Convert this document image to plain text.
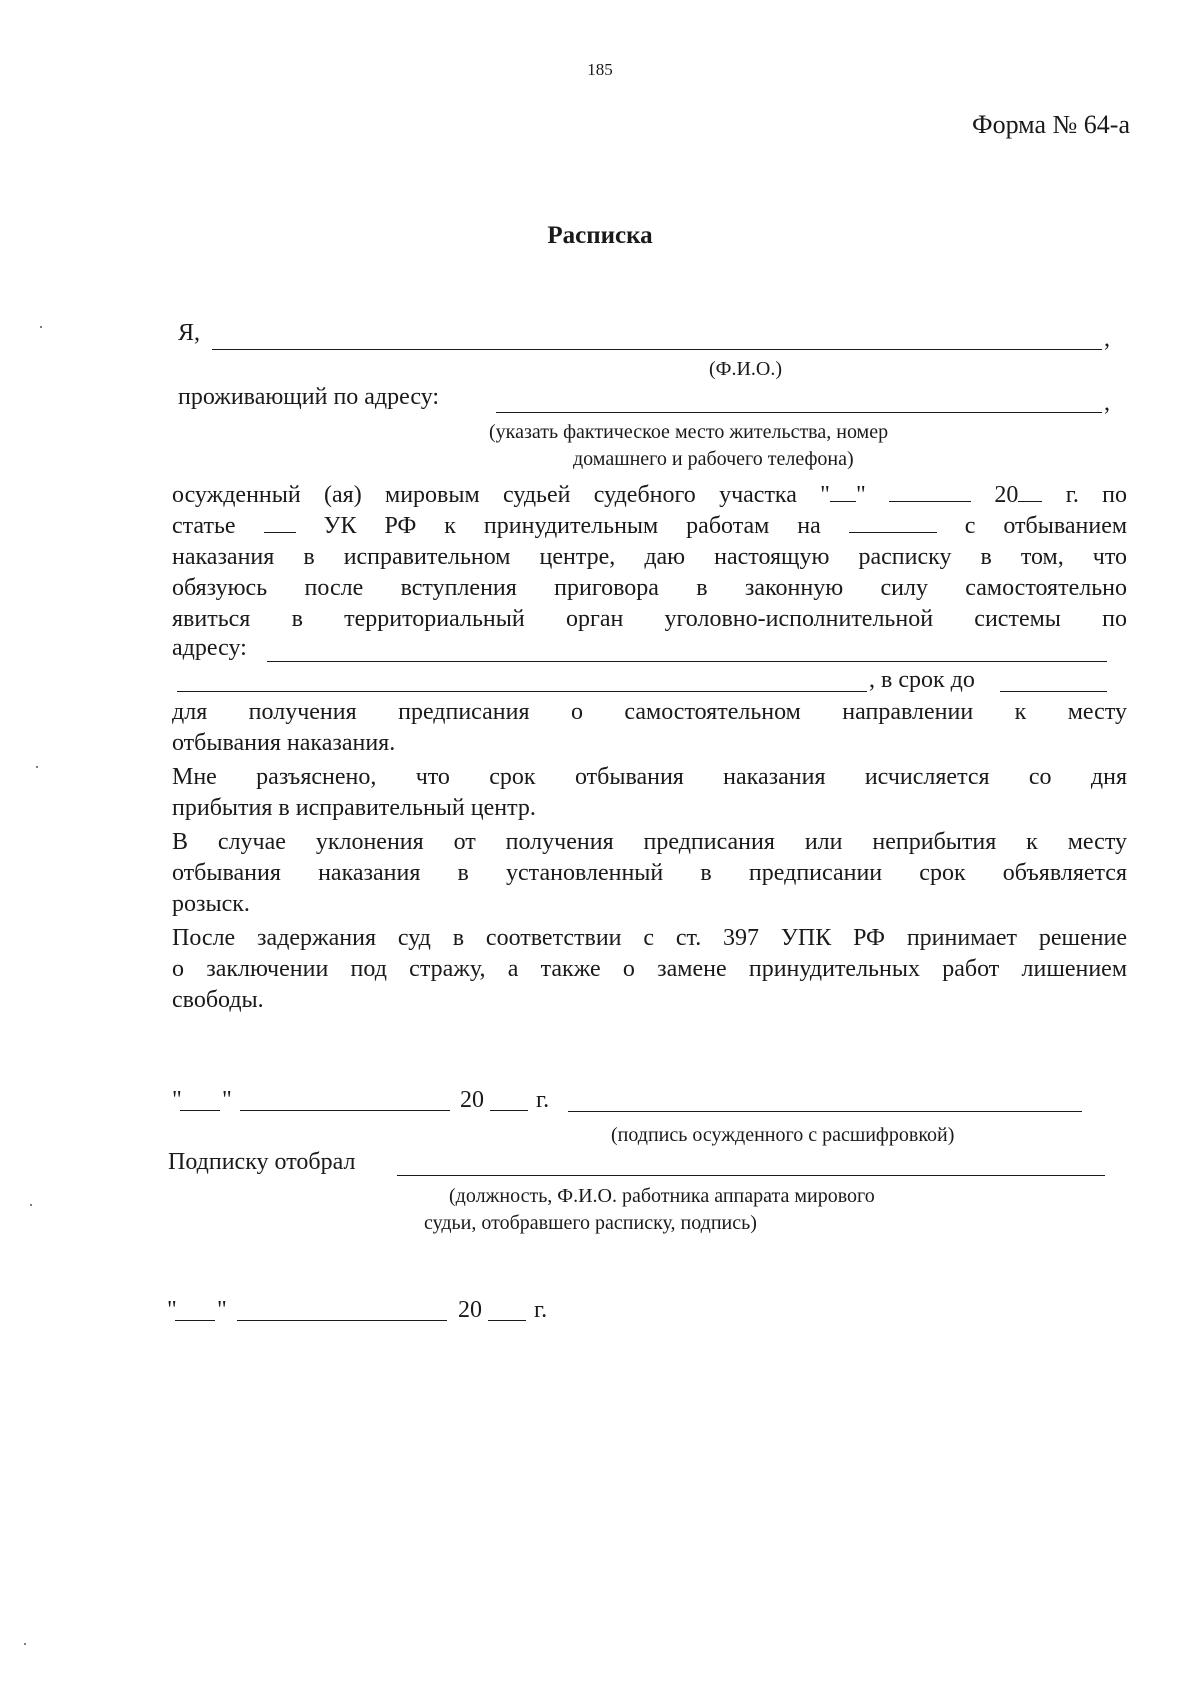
185
Форма № 64-а
Расписка
Я,	,
(Ф.И.О.)
проживающий по адресу:	,
(указать фактическое место жительства, номер
домашнего и рабочего телефона)
осужденный (ая) мировым судьей судебного участка " "	20 г. по
статье	УК РФ к принудительным работам на	с отбыванием
наказания в исправительном центре, даю настоящую расписку в том, что
обязуюсь после вступления приговора в законную силу самостоятельно
явиться в территориальный орган уголовно-исполнительной системы по
адресу:
, в срок до
для получения предписания о самостоятельном направлении к месту
отбывания наказания.
Мне разъяснено, что срок отбывания наказания исчисляется со дня
прибытия в исправительный центр.
В случае уклонения от получения предписания или неприбытия к месту
отбывания наказания в установленный в предписании срок объявляется
розыск.
После задержания суд в соответствии с ст. 397 УПК РФ принимает решение
о заключении под стражу, а также о замене принудительных работ лишением
свободы.
" "	20 г.
(подпись осужденного с расшифровкой)
Подписку отобрал
(должность, Ф.И.О. работника аппарата мирового
судьи, отобравшего расписку, подпись)
" "	20 г.
